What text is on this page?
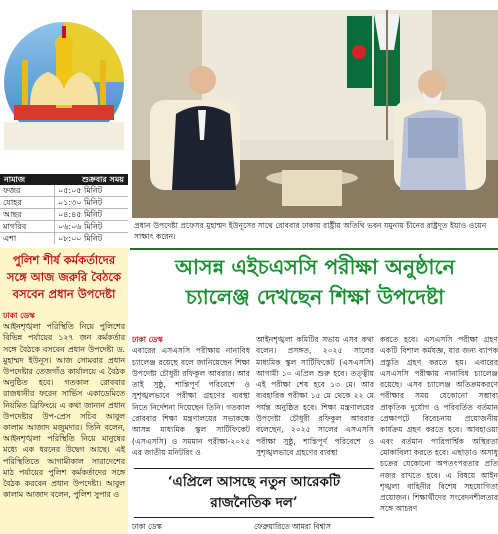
নামাজ	শুক্রবার সময়
ফজর	০৫:০৫ মিনিট
যোহর	০১:৩০ মিনিট
আছর	০৪:৪৫ মিনিট
মাগরিব	০৬:০৬ মিনিট
এশা	০৮:০০ মিনিট
পুলিশ শীর্ষ কর্মকর্তাদের সঙ্গে আজ জরুরি বৈঠকে বসবেন প্রধান উপদেষ্টা
ঢাকা ডেস্ক
আইনশৃঙ্খলা পরিস্থিতি নিয়ে পুলিশের বিভিন্ন পর্যায়ের ১২৭ জন কর্মকর্তার সঙ্গে বৈঠকে বসবেন প্রধান উপদেষ্টা ড. মুহাম্মদ ইউনূস। আজ সোমবার প্রধান উপদেষ্টার তেজগাঁও কার্যালয়ে এ বৈঠক অনুষ্ঠিত হবে। গতকাল রোববার রাজধানীর ফরেন সার্ভিস একাডেমিতে নিয়মিত ব্রিফিংয়ে এ কথা জানান প্রধান উপদেষ্টার উপ-প্রেস সচিব আবুল কালাম আজাদ মজুমদার। তিনি বলেন, আইনশৃঙ্খলা পরিস্থিতি নিয়ে মানুষের মধ্যে এক ধরনের উদ্বেগ আছে। এই পরিস্থিতিতে আগামীকাল সারাদেশের মাঠ পর্যায়ের পুলিশ কর্মকর্তাদের সঙ্গে বৈঠক করবেন প্রধান উপদেষ্টা। আবুল কালাম আজাদ বলেন, পুলিশ সুপার ও
প্রধান উপদেষ্টা প্রফেসর মুহাম্মদ ইউনূসের সাথে রোববার ঢাকায় রাষ্ট্রীয় অতিথি ভবন যমুনায় চীনের রাষ্ট্রদূত ইয়াও ওয়েন সাক্ষাৎ করেন।
আসন্ন এইচএসসি পরীক্ষা অনুষ্ঠানে
চ্যালেঞ্জ দেখছেন শিক্ষা উপদেষ্টা
ঢাকা ডেস্ক
এবারের এসএসসি পরীক্ষায় নানাবিধ চ্যালেঞ্জ রয়েছে বলে জানিয়েছেন শিক্ষা উপদেষ্টা চৌধুরী রফিকুল আবরার। আর তাই সুষ্ঠু, শান্তিপূর্ণ পরিবেশে ও সুশৃঙ্খলভাবে পরীক্ষা গ্রহণের ব্যবস্থা নিতে নির্দেশনা দিয়েছেন তিনি। গতকাল রোববার শিক্ষা মন্ত্রণালয়ের সভাকক্ষে আসন্ন মাধ্যমিক স্কুল সার্টিফিকেট (এসএসসি) ও সমমান পরীক্ষা-২০২৫ এর জাতীয় মনিটরিং ও
আইনশৃঙ্খলা কমিটির সভায় এসব কথা বলেন। প্রসঙ্গত, ২০২৫ সালের মাধ্যমিক স্কুল সার্টিফিকেট (এসএসসি) আগামী ১০ এপ্রিল শুরু হবে। তত্ত্বীয় এই পরীক্ষা শেষ হবে ১৩ মে। আর ব্যবহারিক পরীক্ষা ১৫ মে থেকে ২২ মে পর্যন্ত অনুষ্ঠিত হবে। শিক্ষা মন্ত্রণালয়ের উপদেষ্টা চৌধুরী রফিকুল আবরার বলেছেন, ২০২৫ সালের এসএসসি পরীক্ষা সুষ্ঠু, শান্তিপূর্ণ পরিবেশে ও সুশৃঙ্খলভাবে গ্রহণের ব্যবস্থা
করতে হবে। এসএসসি পরীক্ষা গ্রহণ একটি বিশাল কর্মযজ্ঞ, যার জন্য ব্যাপক প্রস্তুতি গ্রহণ করতে হয়। এবারের এসএসসি পরীক্ষায় নানাবিধ চ্যালেঞ্জ রয়েছে। এসব চ্যালেঞ্জ অতিক্রমকরণে পরীক্ষার সময় যেকোনো সম্ভাব্য প্রাকৃতিক দুর্যোগ ও পরিবর্তিত বর্তমান প্রেক্ষাপটে বিবেচনায় প্রয়োজনীয় কার্যক্রম গ্রহণ করতে হবে। আবহাওয়া এবং বর্তমান পারিপার্শ্বিক অস্থিরতা মোকাবিলা করতে হবে। এছাড়াও অসাধু চক্রের যেকোনো অপতৎপরতার প্রতি নজর রাখতে হবে। এ বিষয়ে আইন শৃঙ্খলা বাহিনীর বিশেষ সহযোগিতা প্রয়োজন। শিক্ষার্থীদের সংবেদনশীলতার সঙ্গে আচরণ
‘এপ্রিলে আসছে নতুন আরেকটি
রাজনৈতিক দল’
ঢাকা ডেস্ক	ফেব্রুয়ারিতে আমরা বিশ্বাস
